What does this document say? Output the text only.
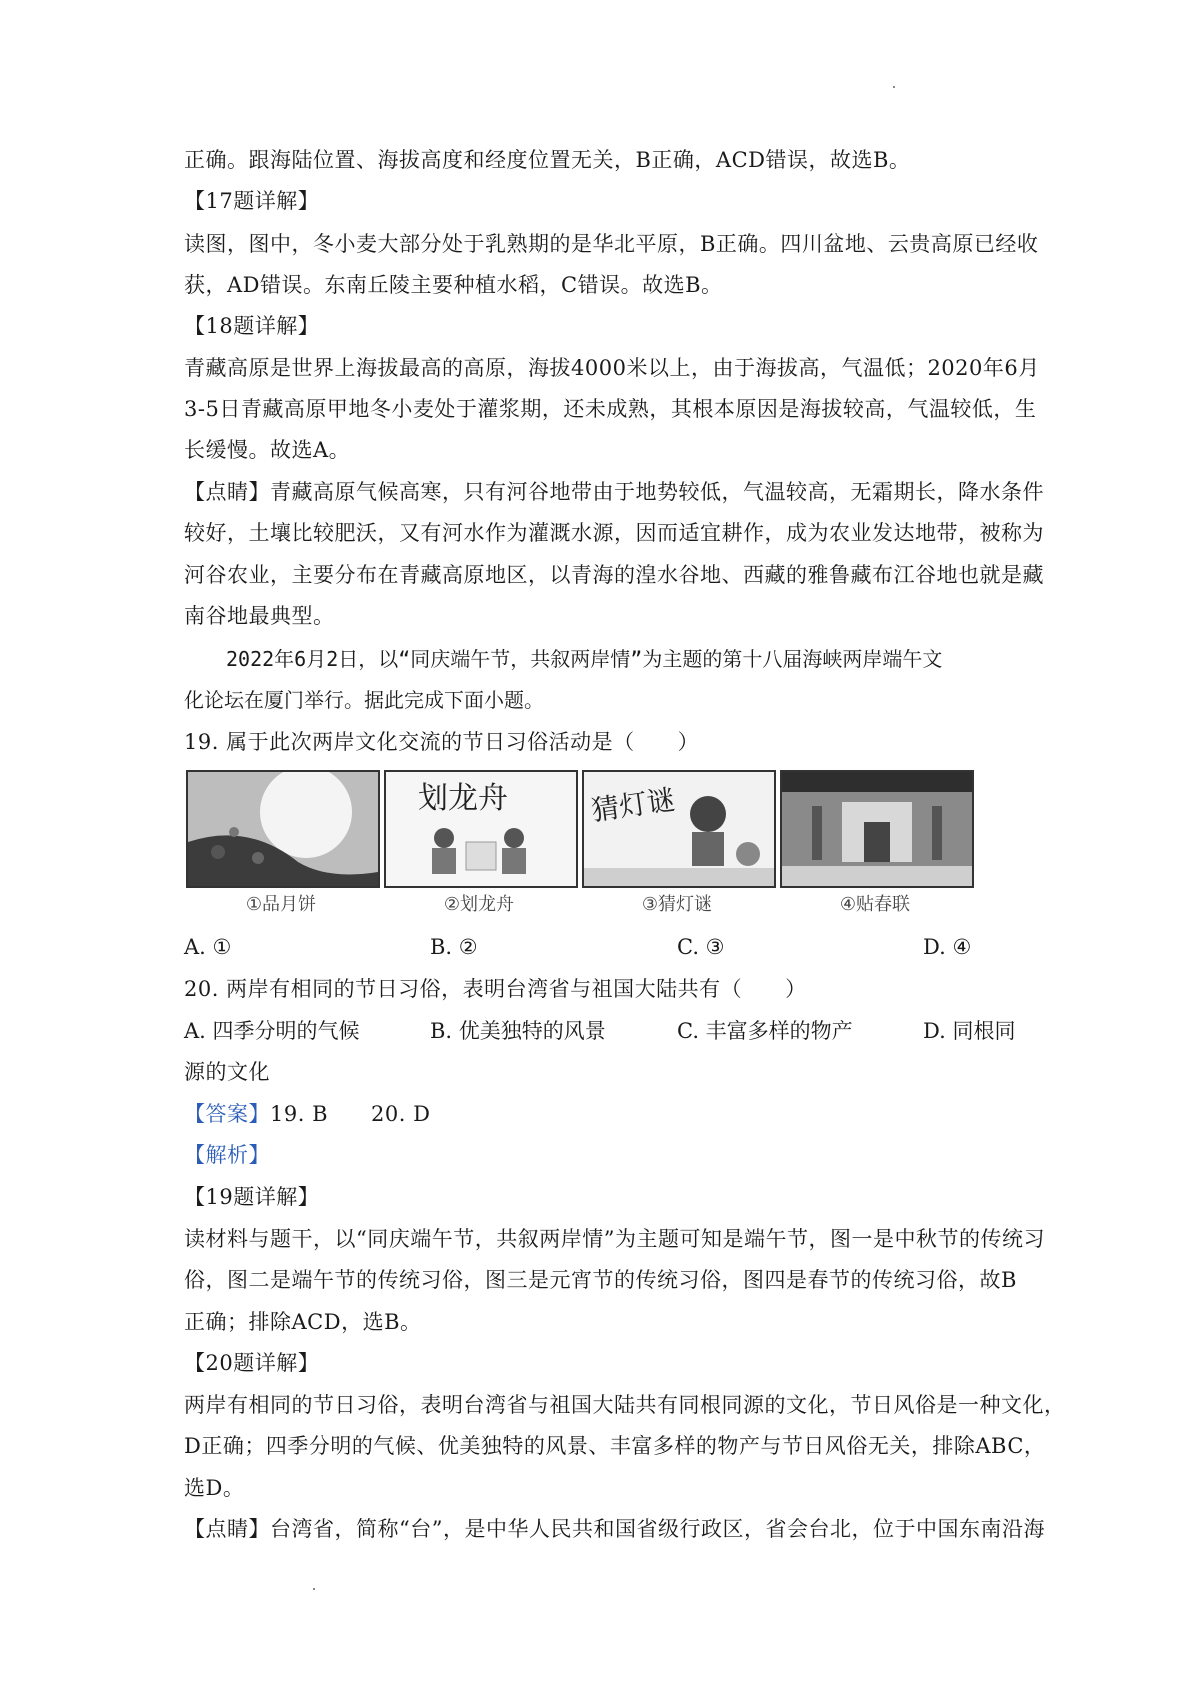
正确。跟海陆位置、海拔高度和经度位置无关，B正确，ACD错误，故选B。
【17题详解】
读图，图中，冬小麦大部分处于乳熟期的是华北平原，B正确。四川盆地、云贵高原已经收
获，AD错误。东南丘陵主要种植水稻，C错误。故选B。
【18题详解】
青藏高原是世界上海拔最高的高原，海拔4000米以上，由于海拔高，气温低；2020年6月
3-5日青藏高原甲地冬小麦处于灌浆期，还未成熟，其根本原因是海拔较高，气温较低，生
长缓慢。故选A。
【点睛】青藏高原气候高寒，只有河谷地带由于地势较低，气温较高，无霜期长，降水条件
较好，土壤比较肥沃，又有河水作为灌溉水源，因而适宜耕作，成为农业发达地带，被称为
河谷农业，主要分布在青藏高原地区，以青海的湟水谷地、西藏的雅鲁藏布江谷地也就是藏
南谷地最典型。
2022年6月2日，以“同庆端午节，共叙两岸情”为主题的第十八届海峡两岸端午文
化论坛在厦门举行。据此完成下面小题。
19. 属于此次两岸文化交流的节日习俗活动是（　　）
划龙舟	猜灯谜
①品月饼	②划龙舟	③猜灯谜	④贴春联
A. ①	B. ②	C. ③	D. ④
20. 两岸有相同的节日习俗，表明台湾省与祖国大陆共有（　　）
A. 四季分明的气候	B. 优美独特的风景	C. 丰富多样的物产	D. 同根同
源的文化
【答案】19. B　　20. D
【解析】
【19题详解】
读材料与题干，以“同庆端午节，共叙两岸情”为主题可知是端午节，图一是中秋节的传统习
俗，图二是端午节的传统习俗，图三是元宵节的传统习俗，图四是春节的传统习俗，故B
正确；排除ACD，选B。
【20题详解】
两岸有相同的节日习俗，表明台湾省与祖国大陆共有同根同源的文化，节日风俗是一种文化，
D正确；四季分明的气候、优美独特的风景、丰富多样的物产与节日风俗无关，排除ABC，
选D。
【点睛】台湾省，简称“台”，是中华人民共和国省级行政区，省会台北，位于中国东南沿海
